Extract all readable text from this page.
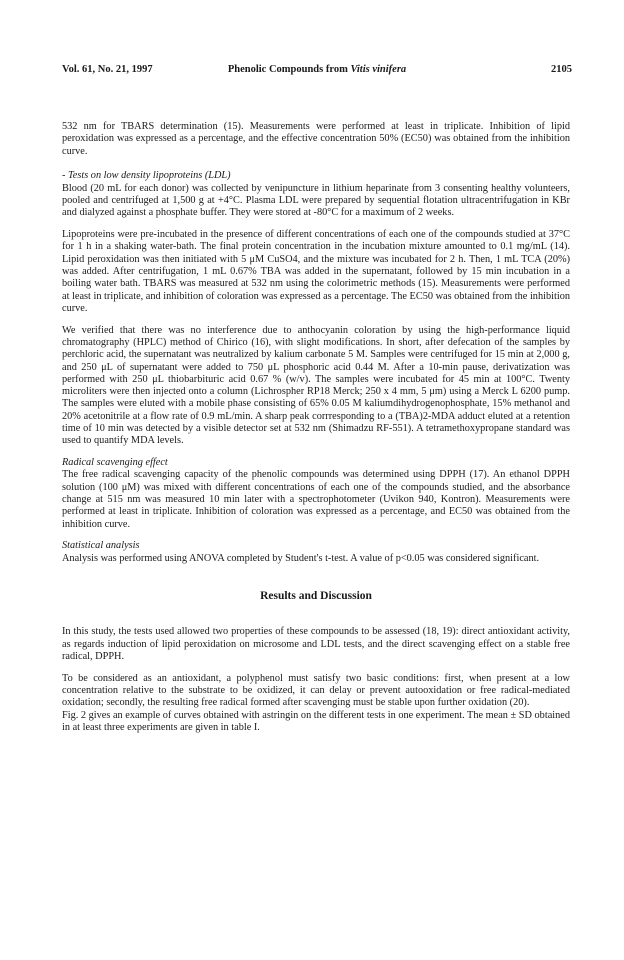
Vol. 61, No. 21, 1997	Phenolic Compounds from Vitis vinifera	2105

532 nm for TBARS determination (15). Measurements were performed at least in triplicate. Inhibition of lipid peroxidation was expressed as a percentage, and the effective concentration 50% (EC50) was obtained from the inhibition curve.

- Tests on low density lipoproteins (LDL)

Blood (20 mL for each donor) was collected by venipuncture in lithium heparinate from 3 consenting healthy volunteers, pooled and centrifuged at 1,500 g at +4°C. Plasma LDL were prepared by sequential flotation ultracentrifugation in KBr and dialyzed against a phosphate buffer. They were stored at -80°C for a maximum of 2 weeks.

Lipoproteins were pre-incubated in the presence of different concentrations of each one of the compounds studied at 37°C for 1 h in a shaking water-bath. The final protein concentration in the incubation mixture amounted to 0.1 mg/mL (14). Lipid peroxidation was then initiated with 5 μM CuSO4, and the mixture was incubated for 2 h. Then, 1 mL TCA (20%) was added. After centrifugation, 1 mL 0.67% TBA was added in the supernatant, followed by 15 min incubation in a boiling water bath. TBARS was measured at 532 nm using the colorimetric methods (15). Measurements were performed at least in triplicate, and inhibition of coloration was expressed as a percentage. The EC50 was obtained from the inhibition curve.

We verified that there was no interference due to anthocyanin coloration by using the high-performance liquid chromatography (HPLC) method of Chirico (16), with slight modifications. In short, after defecation of the samples by perchloric acid, the supernatant was neutralized by kalium carbonate 5 M. Samples were centrifuged for 15 min at 2,000 g, and 250 μL of supernatant were added to 750 μL phosphoric acid 0.44 M. After a 10-min pause, derivatization was performed with 250 μL thiobarbituric acid 0.67 % (w/v). The samples were incubated for 45 min at 100°C. Twenty microliters were then injected onto a column (Lichrospher RP18 Merck; 250 x 4 mm, 5 μm) using a Merck L 6200 pump. The samples were eluted with a mobile phase consisting of 65% 0.05 M kaliumdihydrogenophosphate, 15% methanol and 20% acetonitrile at a flow rate of 0.9 mL/min. A sharp peak corrresponding to a (TBA)2-MDA adduct eluted at a retention time of 10 min was detected by a visible detector set at 532 nm (Shimadzu RF-551). A tetramethoxypropane standard was used to quantify MDA levels.

Radical scavenging effect

The free radical scavenging capacity of the phenolic compounds was determined using DPPH (17). An ethanol DPPH solution (100 μM) was mixed with different concentrations of each one of the compounds studied, and the absorbance change at 515 nm was measured 10 min later with a spectrophotometer (Uvikon 940, Kontron). Measurements were performed at least in triplicate. Inhibition of coloration was expressed as a percentage, and EC50 was obtained from the inhibition curve.

Statistical analysis

Analysis was performed using ANOVA completed by Student's t-test. A value of p<0.05 was considered significant.

Results and Discussion

In this study, the tests used allowed two properties of these compounds to be assessed (18, 19): direct antioxidant activity, as regards induction of lipid peroxidation on microsome and LDL tests, and the direct scavenging effect on a stable free radical, DPPH.

To be considered as an antioxidant, a polyphenol must satisfy two basic conditions: first, when present at a low concentration relative to the substrate to be oxidized, it can delay or prevent autooxidation or free radical-mediated oxidation; secondly, the resulting free radical formed after scavenging must be stable upon further oxidation (20).

Fig. 2 gives an example of curves obtained with astringin on the different tests in one experiment. The mean ± SD obtained in at least three experiments are given in table I.
